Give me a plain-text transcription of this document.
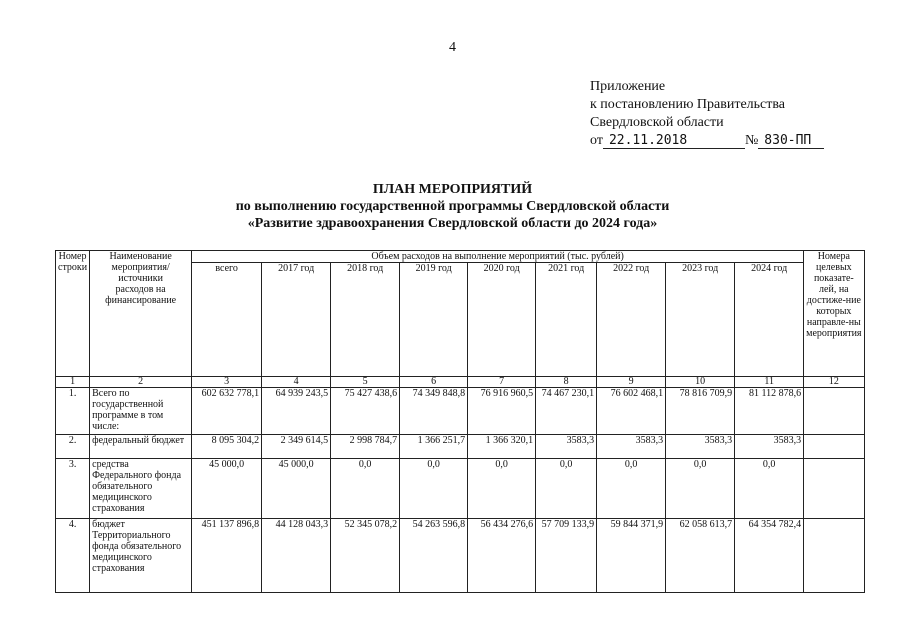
4
Приложение
к постановлению Правительства
Свердловской области
от 22.11.2018	№ 830-ПП
ПЛАН МЕРОПРИЯТИЙ
по выполнению государственной программы Свердловской области
«Развитие здравоохранения Свердловской области до 2024 года»
Номер строки	Наименование мероприятия/ источники расходов на финансирование	Объем расходов на выполнение мероприятий (тыс. рублей)									Номера целевых показате-лей, на достиже-ние которых направле-ны мероприятия
		всего	2017 год	2018 год	2019 год	2020 год	2021 год	2022 год	2023 год	2024 год	
1	2	3	4	5	6	7	8	9	10	11	12
1.	Всего по государственной программе в том числе:	602 632 778,1	64 939 243,5	75 427 438,6	74 349 848,8	76 916 960,5	74 467 230,1	76 602 468,1	78 816 709,9	81 112 878,6	
2.	федеральный бюджет	8 095 304,2	2 349 614,5	2 998 784,7	1 366 251,7	1 366 320,1	3583,3	3583,3	3583,3	3583,3	
3.	средства Федерального фонда обязательного медицинского страхования	45 000,0	45 000,0	0,0	0,0	0,0	0,0	0,0	0,0	0,0	
4.	бюджет Территориального фонда обязательного медицинского страхования	451 137 896,8	44 128 043,3	52 345 078,2	54 263 596,8	56 434 276,6	57 709 133,9	59 844 371,9	62 058 613,7	64 354 782,4	
